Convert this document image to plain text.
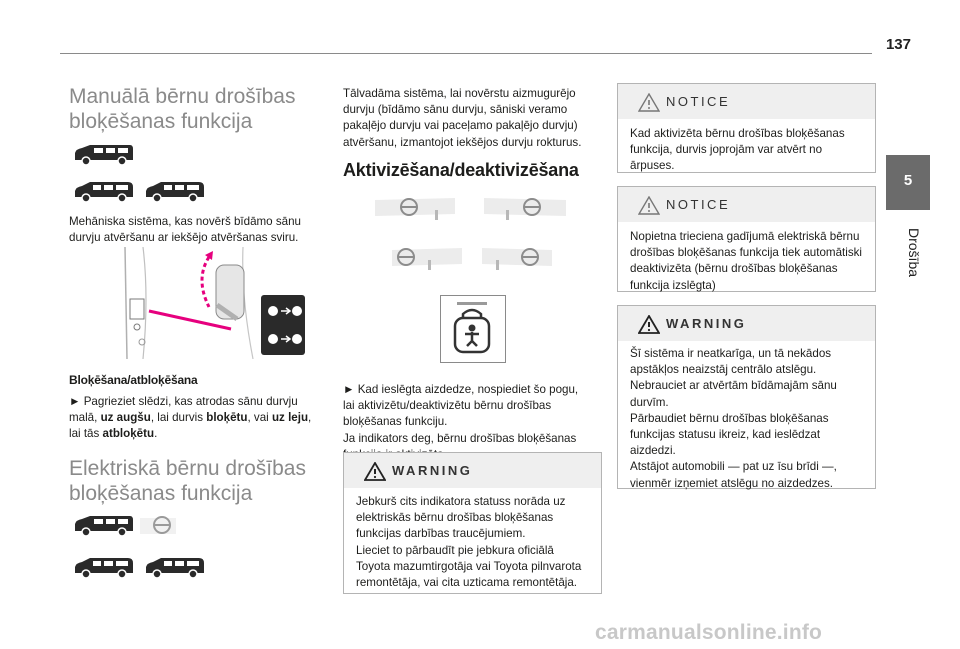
137
5
Drošība

Manuālā bērnu drošības

bloķēšanas funkcija

Mehāniska sistēma, kas novērš bīdāmo sānu

durvju atvēršanu ar iekšējo atvēršanas sviru.

Bloķēšana/atbloķēšana

► Pagrieziet slēdzi, kas atrodas sānu durvju

malā, uz augšu, lai durvis bloķētu, vai uz leju,

lai tās atbloķētu.

Elektriskā bērnu drošības

bloķēšanas funkcija

Tālvadāma sistēma, lai novērstu aizmugurējo

durvju (bīdāmo sānu durvju, sāniski veramo

pakaļējo durvju vai paceļamo pakaļējo durvju)

atvēršanu, izmantojot iekšējos durvju rokturus.

Aktivizēšana/deaktivizēšana

► Kad ieslēgta aizdedze, nospiediet šo pogu,

lai aktivizētu/deaktivizētu bērnu drošības

bloķēšanas funkciju.

Ja indikators deg, bērnu drošības bloķēšanas

WARNING

Jebkurš cits indikatora statuss norāda uz

elektriskās bērnu drošības bloķēšanas

funkcijas darbības traucējumiem.

Lieciet to pārbaudīt pie jebkura oficiālā

Toyota mazumtirgotāja vai Toyota pilnvarota

remontētāja, vai cita uzticama remontētāja.

NOTICE

Kad aktivizēta bērnu drošības bloķēšanas

funkcija, durvis joprojām var atvērt no

ārpuses.

NOTICE

Nopietna trieciena gadījumā elektriskā bērnu

drošības bloķēšanas funkcija tiek automātiski

deaktivizēta (bērnu drošības bloķēšanas

funkcija izslēgta)

WARNING

Šī sistēma ir neatkarīga, un tā nekādos

apstākļos neaizstāj centrālo atslēgu.

Nebrauciet ar atvērtām bīdāmajām sānu

durvīm.

Pārbaudiet bērnu drošības bloķēšanas

funkcijas statusu ikreiz, kad ieslēdzat

aizdedzi.

Atstājot automobili — pat uz īsu brīdi —,

vienmēr izņemiet atslēgu no aizdedzes.

carmanualsonline.info
